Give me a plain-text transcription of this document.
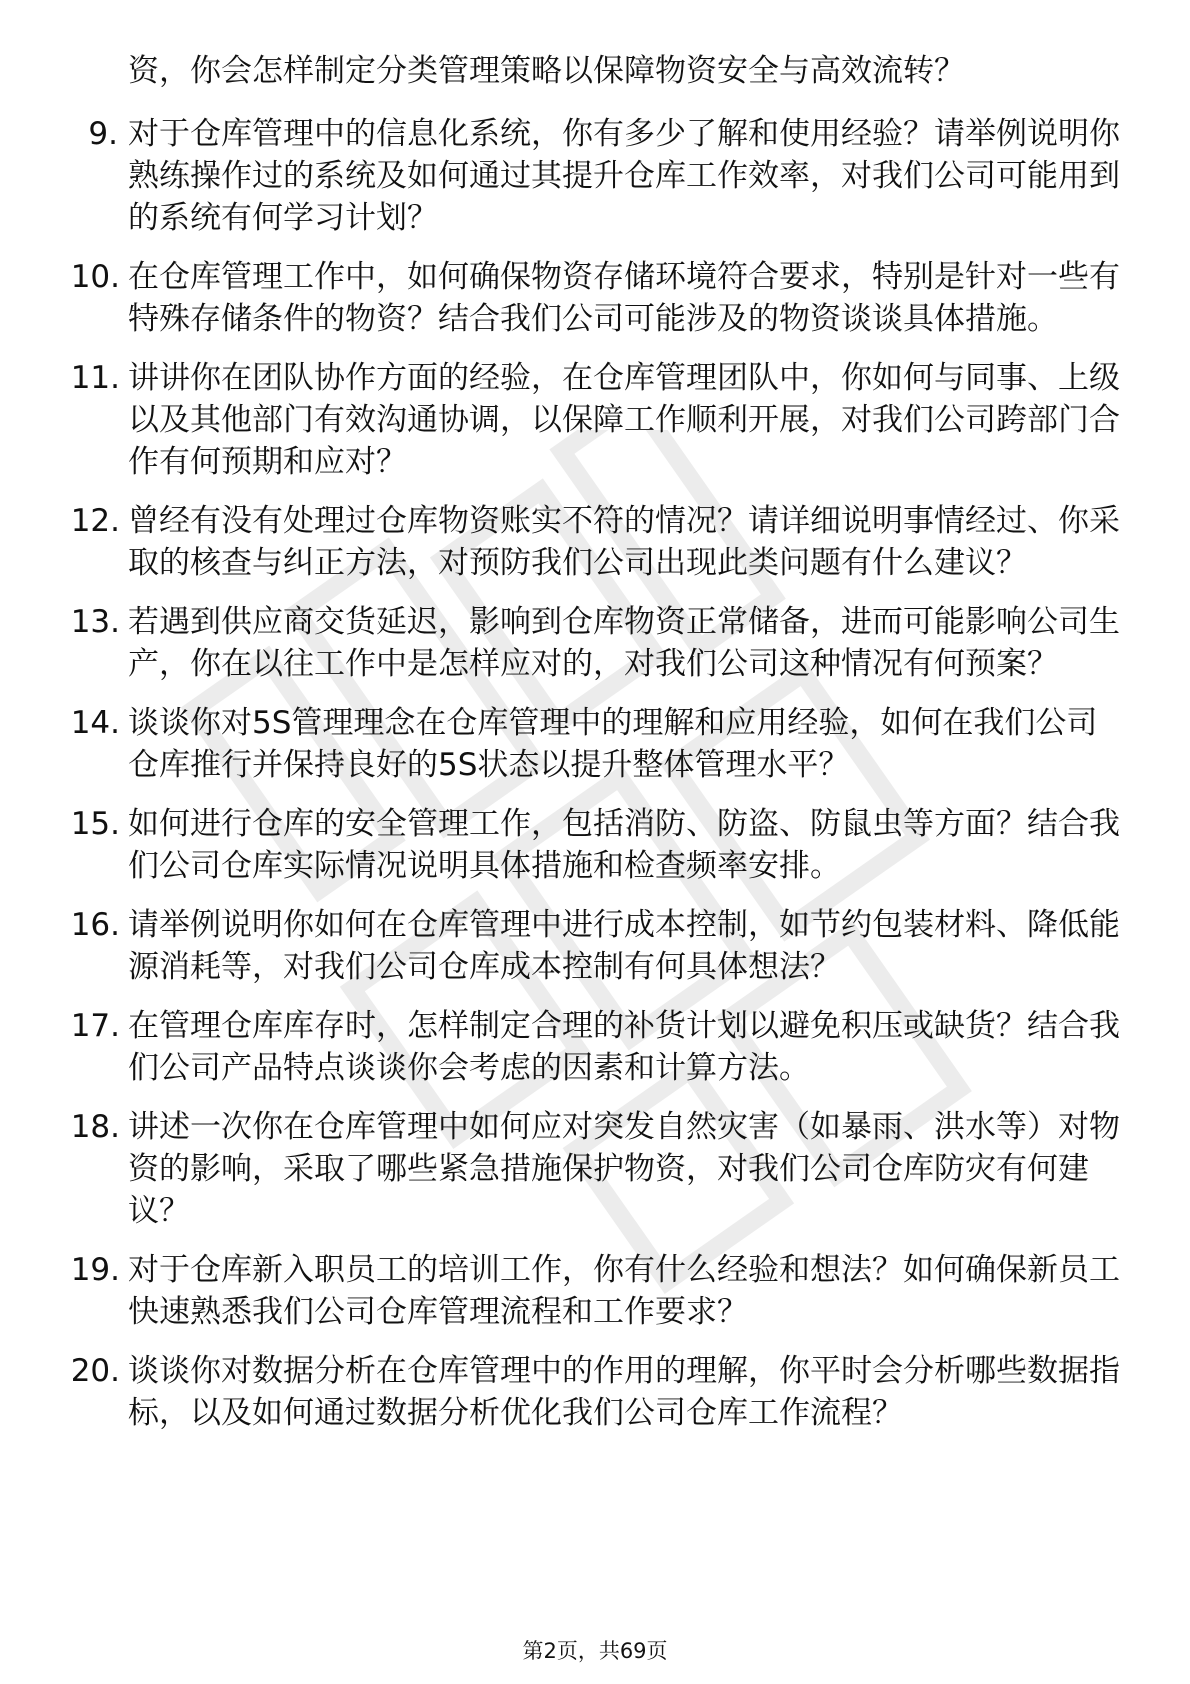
资，你会怎样制定分类管理策略以保障物资安全与高效流转？

9. 对于仓库管理中的信息化系统，你有多少了解和使用经验？请举例说明你熟练操作过的系统及如何通过其提升仓库工作效率，对我们公司可能用到的系统有何学习计划？

10. 在仓库管理工作中，如何确保物资存储环境符合要求，特别是针对一些有特殊存储条件的物资？结合我们公司可能涉及的物资谈谈具体措施。

11. 讲讲你在团队协作方面的经验，在仓库管理团队中，你如何与同事、上级以及其他部门有效沟通协调，以保障工作顺利开展，对我们公司跨部门合作有何预期和应对？

12. 曾经有没有处理过仓库物资账实不符的情况？请详细说明事情经过、你采取的核查与纠正方法，对预防我们公司出现此类问题有什么建议？

13. 若遇到供应商交货延迟，影响到仓库物资正常储备，进而可能影响公司生产，你在以往工作中是怎样应对的，对我们公司这种情况有何预案？

14. 谈谈你对5S管理理念在仓库管理中的理解和应用经验，如何在我们公司仓库推行并保持良好的5S状态以提升整体管理水平？

15. 如何进行仓库的安全管理工作，包括消防、防盗、防鼠虫等方面？结合我们公司仓库实际情况说明具体措施和检查频率安排。

16. 请举例说明你如何在仓库管理中进行成本控制，如节约包装材料、降低能源消耗等，对我们公司仓库成本控制有何具体想法？

17. 在管理仓库库存时，怎样制定合理的补货计划以避免积压或缺货？结合我们公司产品特点谈谈你会考虑的因素和计算方法。

18. 讲述一次你在仓库管理中如何应对突发自然灾害（如暴雨、洪水等）对物资的影响，采取了哪些紧急措施保护物资，对我们公司仓库防灾有何建议？

19. 对于仓库新入职员工的培训工作，你有什么经验和想法？如何确保新员工快速熟悉我们公司仓库管理流程和工作要求？

20. 谈谈你对数据分析在仓库管理中的作用的理解，你平时会分析哪些数据指标，以及如何通过数据分析优化我们公司仓库工作流程？

第2页，共69页
